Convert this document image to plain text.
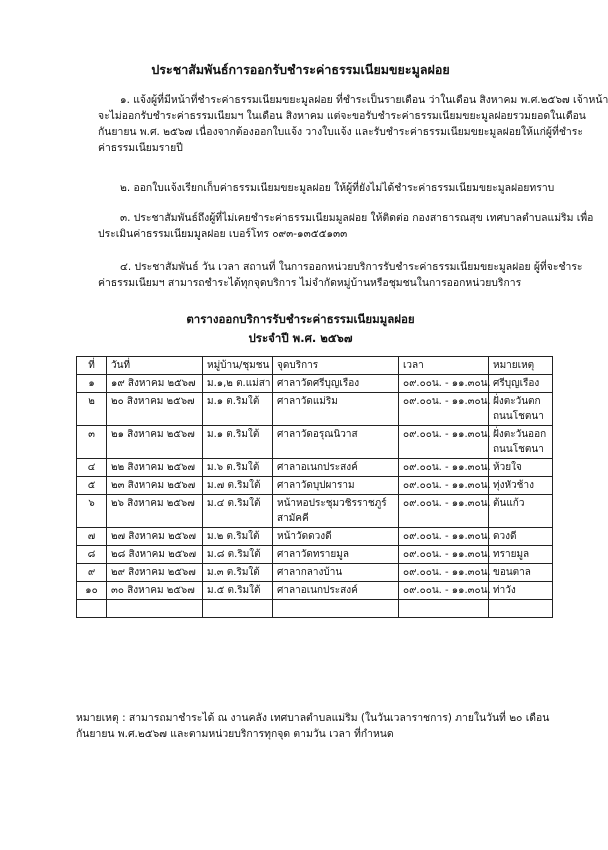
ประชาสัมพันธ์การออกรับชำระค่าธรรมเนียมขยะมูลฝอย
๑. แจ้งผู้ที่มีหน้าที่ชำระค่าธรรมเนียมขยะมูลฝอย ที่ชำระเป็นรายเดือน ว่าในเดือน สิงหาคม พ.ศ.๒๕๖๗ เจ้าหน้า
จะไม่ออกรับชำระค่าธรรมเนียมฯ ในเดือน สิงหาคม แต่จะขอรับชำระค่าธรรมเนียมขยะมูลฝอยรวมยอดในเดือน
กันยายน พ.ศ. ๒๕๖๗ เนื่องจากต้องออกใบแจ้ง วางใบแจ้ง และรับชำระค่าธรรมเนียมขยะมูลฝอยให้แก่ผู้ที่ชำระ
ค่าธรรมเนียมรายปี
๒. ออกใบแจ้งเรียกเก็บค่าธรรมเนียมขยะมูลฝอย ให้ผู้ที่ยังไม่ได้ชำระค่าธรรมเนียมขยะมูลฝอยทราบ
๓. ประชาสัมพันธ์ถึงผู้ที่ไม่เคยชำระค่าธรรมเนียมมูลฝอย ให้ติดต่อ กองสาธารณสุข เทศบาลตำบลแม่ริม เพื่อ
ประเมินค่าธรรมเนียมมูลฝอย เบอร์โทร ๐๙๓-๑๓๕๕๑๓๓
๔. ประชาสัมพันธ์ วัน เวลา สถานที่ ในการออกหน่วยบริการรับชำระค่าธรรมเนียมขยะมูลฝอย ผู้ที่จะชำระ
ค่าธรรมเนียมฯ สามารถชำระได้ทุกจุดบริการ ไม่จำกัดหมู่บ้านหรือชุมชนในการออกหน่วยบริการ
ตารางออกบริการรับชำระค่าธรรมเนียมมูลฝอย
ประจำปี พ.ศ. ๒๕๖๗
ที่	วันที่	หมู่บ้าน/ชุมชน	จุดบริการ	เวลา	หมายเหตุ
๑	๑๙ สิงหาคม ๒๕๖๗	ม.๑,๒ ต.แม่สา	ศาลาวัดศรีบุญเรือง	๐๙.๐๐น. - ๑๑.๓๐น.	ศรีบุญเรือง

๒	๒๐ สิงหาคม ๒๕๖๗	ม.๑ ต.ริมใต้	ศาลาวัดแม่ริม	๐๙.๐๐น. - ๑๑.๓๐น.	ฝั่งตะวันตก
ถนนโชตนา

๓	๒๑ สิงหาคม ๒๕๖๗	ม.๑ ต.ริมใต้	ศาลาวัดอรุณนิวาส	๐๙.๐๐น. - ๑๑.๓๐น.	ฝั่งตะวันออก
ถนนโชตนา

๔	๒๒ สิงหาคม ๒๕๖๗	ม.๖ ต.ริมใต้	ศาลาอเนกประสงค์	๐๙.๐๐น. - ๑๑.๓๐น.	ห้วยใจ

๕	๒๓ สิงหาคม ๒๕๖๗	ม.๗ ต.ริมใต้	ศาลาวัดบุปผาราม	๐๙.๐๐น. - ๑๑.๓๐น.	ทุ่งหัวช้าง

๖	๒๖ สิงหาคม ๒๕๖๗	ม.๔ ต.ริมใต้	หน้าหอประชุมวชิรราชภูร์
สามัคคี	๐๙.๐๐น. - ๑๑.๓๐น.	ต้นแก้ว

๗	๒๗ สิงหาคม ๒๕๖๗	ม.๒ ต.ริมใต้	หน้าวัดดวงดี	๐๙.๐๐น. - ๑๑.๓๐น.	ดวงดี

๘	๒๘ สิงหาคม ๒๕๖๗	ม.๘ ต.ริมใต้	ศาลาวัดทรายมูล	๐๙.๐๐น. - ๑๑.๓๐น.	ทรายมูล

๙	๒๙ สิงหาคม ๒๕๖๗	ม.๓ ต.ริมใต้	ศาลากลางบ้าน	๐๙.๐๐น. - ๑๑.๓๐น.	ขอนตาล

๑๐	๓๐ สิงหาคม ๒๕๖๗	ม.๕ ต.ริมใต้	ศาลาอเนกประสงค์	๐๙.๐๐น. - ๑๑.๓๐น.	ท่าวัง

หมายเหตุ : สามารถมาชำระได้ ณ งานคลัง เทศบาลตำบลแม่ริม (ในวันเวลาราชการ) ภายในวันที่ ๒๐ เดือน
กันยายน พ.ศ.๒๕๖๗ และตามหน่วยบริการทุกจุด ตามวัน เวลา ที่กำหนด
